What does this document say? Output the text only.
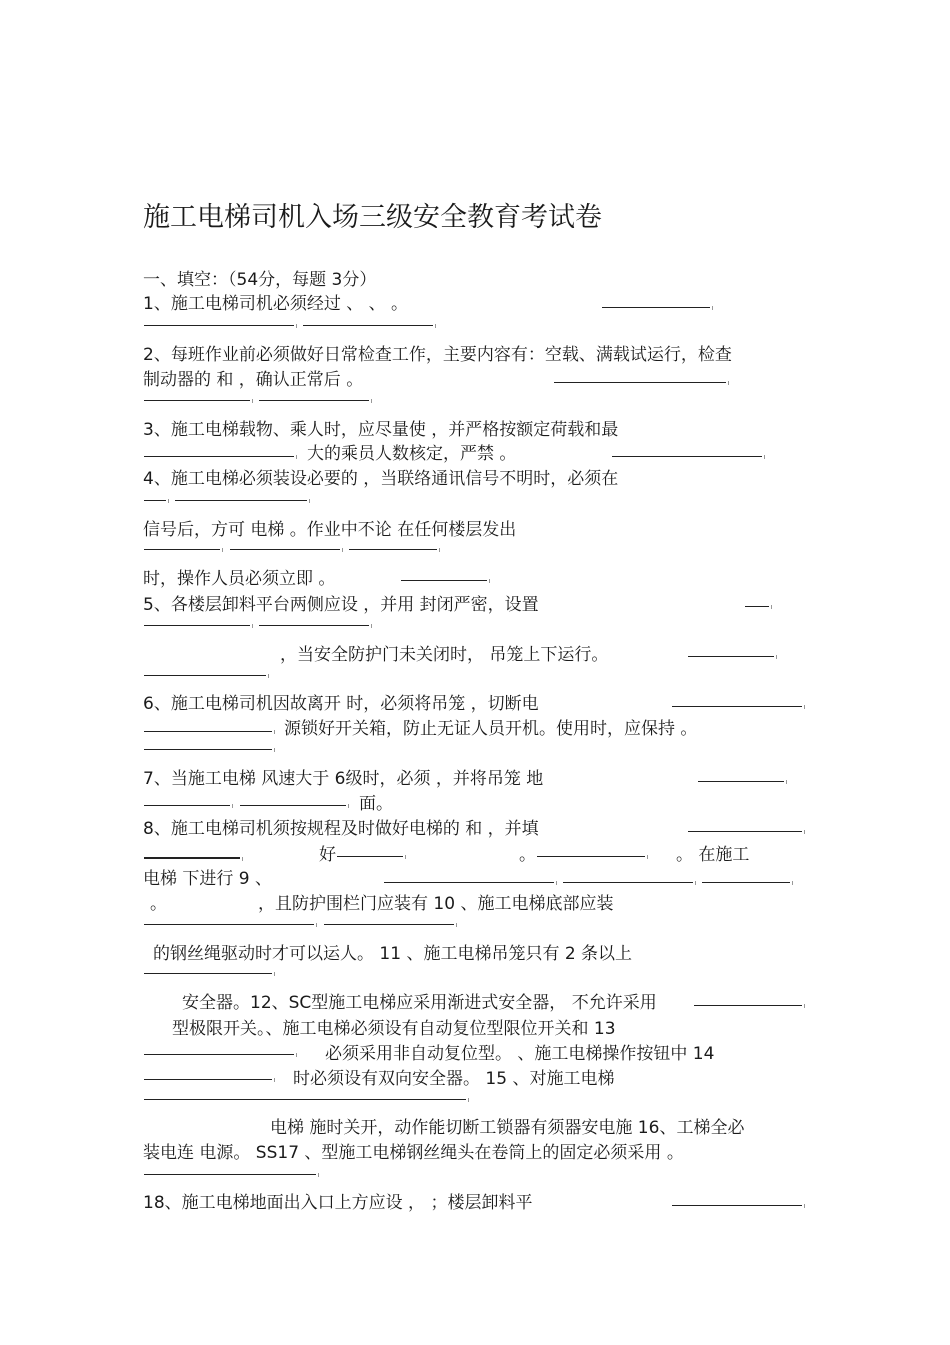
施工电梯司机入场三级安全教育考试卷
一、填空：（54分，每题 3分）
1、施工电梯司机必须经过 、 、 。
2、每班作业前必须做好日常检查工作，主要内容有：空载、满载试运行，检查
制动器的 和 ，确认正常后 。
3、施工电梯载物、乘人时，应尽量使 ，并严格按额定荷载和最
大的乘员人数核定，严禁 。
4、施工电梯必须装设必要的 ，当联络通讯信号不明时，必须在
信号后，方可 电梯 。作业中不论 在任何楼层发出
时，操作人员必须立即 。
5、各楼层卸料平台两侧应设 ，并用 封闭严密，设置
，当安全防护门未关闭时， 吊笼上下运行。
6、施工电梯司机因故离开 时，必须将吊笼 ，切断电
源锁好开关箱，防止无证人员开机。使用时，应保持 。
7、当施工电梯 风速大于 6级时，必须 ，并将吊笼 地
面。
8、施工电梯司机须按规程及时做好电梯的 和 ，并填
好	。	。 在施工
电梯 下进行 9 、
。	，且防护围栏门应装有 10 、施工电梯底部应装
的钢丝绳驱动时才可以运人。 11 、施工电梯吊笼只有 2 条以上
安全器。12、SC型施工电梯应采用渐进式安全器， 不允许采用
型极限开关。、施工电梯必须设有自动复位型限位开关和 13
必须采用非自动复位型。 、施工电梯操作按钮中 14
时必须设有双向安全器。 15 、对施工电梯
电梯 施时关开，动作能切断工锁器有须器安电施 16、工梯全必
装电连 电源。 SS17 、型施工电梯钢丝绳头在卷筒上的固定必须采用 。
18、施工电梯地面出入口上方应设 ， ；楼层卸料平
